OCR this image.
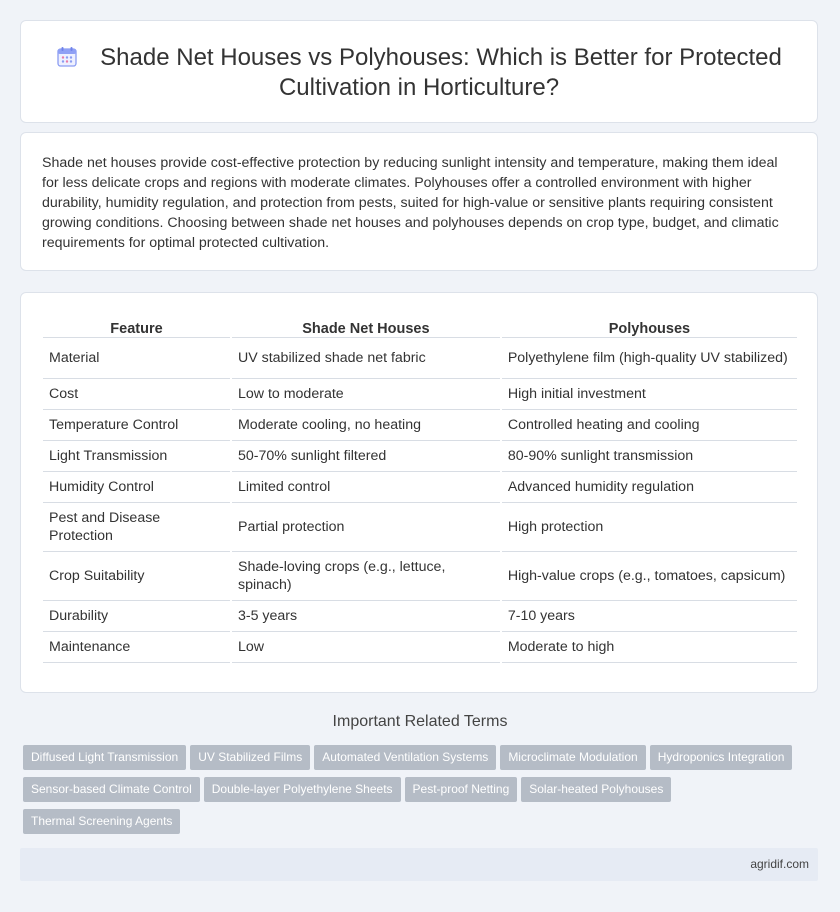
Shade Net Houses vs Polyhouses: Which is Better for Protected Cultivation in Horticulture?

Shade net houses provide cost-effective protection by reducing sunlight intensity and temperature, making them ideal for less delicate crops and regions with moderate climates. Polyhouses offer a controlled environment with higher durability, humidity regulation, and protection from pests, suited for high-value or sensitive plants requiring consistent growing conditions. Choosing between shade net houses and polyhouses depends on crop type, budget, and climatic requirements for optimal protected cultivation.

Feature	Shade Net Houses	Polyhouses
Material	UV stabilized shade net fabric	Polyethylene film (high-quality UV stabilized)
Cost	Low to moderate	High initial investment
Temperature Control	Moderate cooling, no heating	Controlled heating and cooling
Light Transmission	50-70% sunlight filtered	80-90% sunlight transmission
Humidity Control	Limited control	Advanced humidity regulation
Pest and Disease Protection	Partial protection	High protection
Crop Suitability	Shade-loving crops (e.g., lettuce, spinach)	High-value crops (e.g., tomatoes, capsicum)
Durability	3-5 years	7-10 years
Maintenance	Low	Moderate to high
Important Related Terms
Diffused Light Transmission UV Stabilized Films Automated Ventilation Systems Microclimate Modulation Hydroponics IntegrationSensor-based Climate Control Double-layer Polyethylene Sheets Pest-proof Netting Solar-heated PolyhousesThermal Screening Agents
agridif.com
